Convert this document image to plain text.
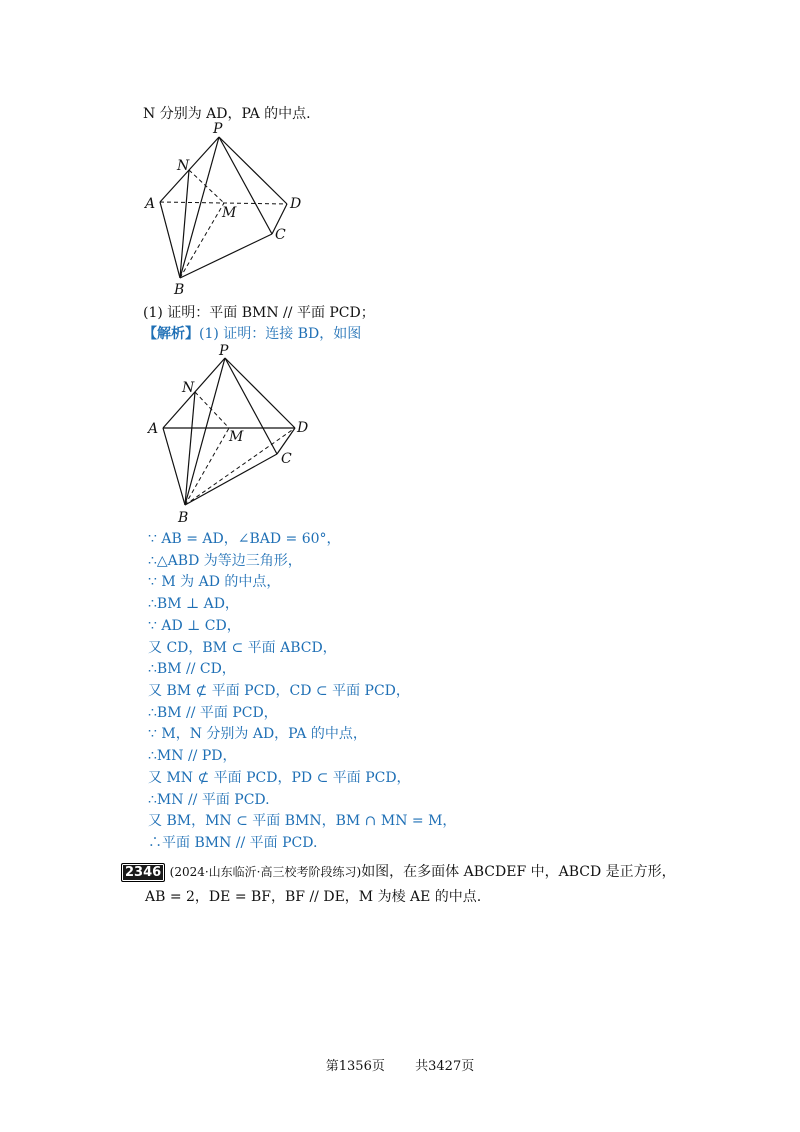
N 分别为 AD，PA 的中点.
P
N
A
M
D
C
B
(1) 证明：平面 BMN // 平面 PCD；
【解析】(1) 证明：连接 BD，如图
P
N
A	M
D
C
B
∵ AB = AD，∠BAD = 60°，
∴△ABD 为等边三角形，
∵ M 为 AD 的中点，
∴BM ⊥ AD，
∵ AD ⊥ CD，
又 CD，BM ⊂ 平面 ABCD，
∴BM // CD，
又 BM ⊄ 平面 PCD，CD ⊂ 平面 PCD，
∴BM // 平面 PCD，
∵ M，N 分别为 AD，PA 的中点，
∴MN // PD，
又 MN ⊄ 平面 PCD，PD ⊂ 平面 PCD，
∴MN // 平面 PCD.
又 BM，MN ⊂ 平面 BMN，BM ∩ MN = M，
∴平面 BMN // 平面 PCD.
2346 (2024·山东临沂·高三校考阶段练习)如图，在多面体 ABCDEF 中，ABCD 是正方形，
AB = 2，DE = BF，BF // DE，M 为棱 AE 的中点.
第1356页 共3427页
